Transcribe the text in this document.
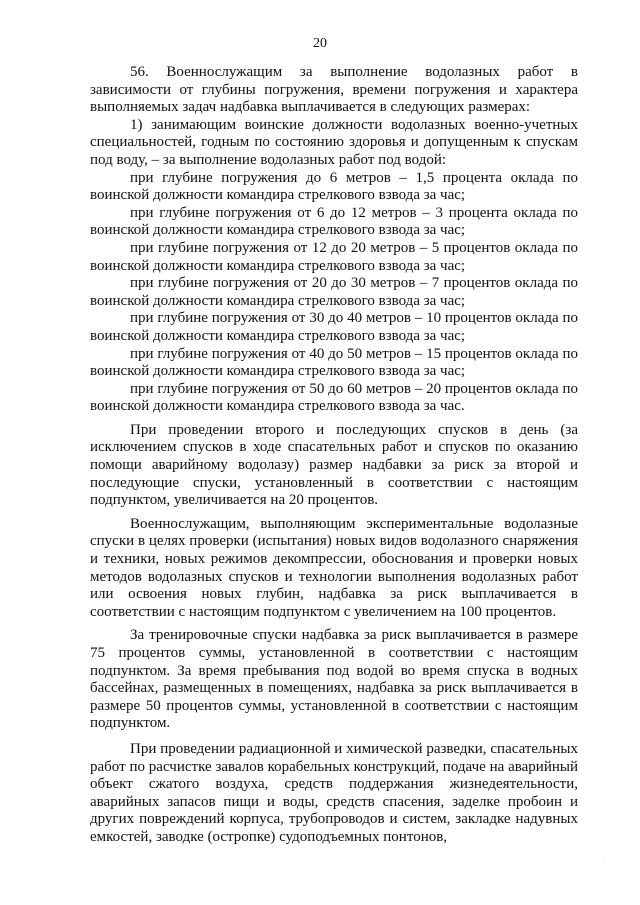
20

56. Военнослужащим за выполнение водолазных работ в зависимости от глубины погружения, времени погружения и характера выполняемых задач надбавка выплачивается в следующих размерах:

1) занимающим воинские должности водолазных военно-учетных специальностей, годным по состоянию здоровья и допущенным к спускам под воду, – за выполнение водолазных работ под водой:

при глубине погружения до 6 метров – 1,5 процента оклада по воинской должности командира стрелкового взвода за час;

при глубине погружения от 6 до 12 метров – 3 процента оклада по воинской должности командира стрелкового взвода за час;

при глубине погружения от 12 до 20 метров – 5 процентов оклада по воинской должности командира стрелкового взвода за час;

при глубине погружения от 20 до 30 метров – 7 процентов оклада по воинской должности командира стрелкового взвода за час;

при глубине погружения от 30 до 40 метров – 10 процентов оклада по воинской должности командира стрелкового взвода за час;

при глубине погружения от 40 до 50 метров – 15 процентов оклада по воинской должности командира стрелкового взвода за час;

при глубине погружения от 50 до 60 метров – 20 процентов оклада по воинской должности командира стрелкового взвода за час.

При проведении второго и последующих спусков в день (за исключением спусков в ходе спасательных работ и спусков по оказанию помощи аварийному водолазу) размер надбавки за риск за второй и последующие спуски, установленный в соответствии с настоящим подпунктом, увеличивается на 20 процентов.

Военнослужащим, выполняющим экспериментальные водолазные спуски в целях проверки (испытания) новых видов водолазного снаряжения и техники, новых режимов декомпрессии, обоснования и проверки новых методов водолазных спусков и технологии выполнения водолазных работ или освоения новых глубин, надбавка за риск выплачивается в соответствии с настоящим подпунктом с увеличением на 100 процентов.

За тренировочные спуски надбавка за риск выплачивается в размере 75 процентов суммы, установленной в соответствии с настоящим подпунктом. За время пребывания под водой во время спуска в водных бассейнах, размещенных в помещениях, надбавка за риск выплачивается в размере 50 процентов суммы, установленной в соответствии с настоящим подпунктом.

При проведении радиационной и химической разведки, спасательных работ по расчистке завалов корабельных конструкций, подаче на аварийный объект сжатого воздуха, средств поддержания жизнедеятельности, аварийных запасов пищи и воды, средств спасения, заделке пробоин и других повреждений корпуса, трубопроводов и систем, закладке надувных емкостей, заводке (остропке) судоподъемных понтонов,
